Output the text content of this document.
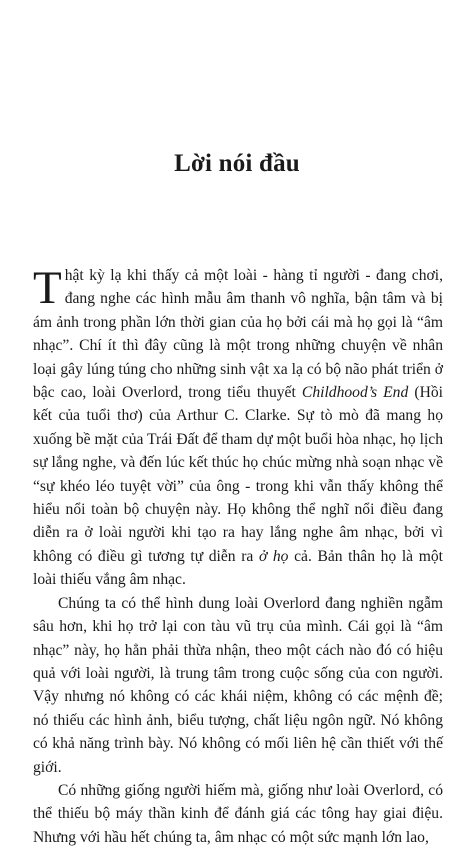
Lời nói đầu

Thật kỳ lạ khi thấy cả một loài - hàng tỉ người - đang chơi, đang nghe các hình mẫu âm thanh vô nghĩa, bận tâm và bị ám ảnh trong phần lớn thời gian của họ bởi cái mà họ gọi là “âm nhạc”. Chí ít thì đây cũng là một trong những chuyện về nhân loại gây lúng túng cho những sinh vật xa lạ có bộ não phát triển ở bậc cao, loài Overlord, trong tiểu thuyết Childhood’s End (Hồi kết của tuổi thơ) của Arthur C. Clarke. Sự tò mò đã mang họ xuống bề mặt của Trái Đất để tham dự một buổi hòa nhạc, họ lịch sự lắng nghe, và đến lúc kết thúc họ chúc mừng nhà soạn nhạc về “sự khéo léo tuyệt vời” của ông - trong khi vẫn thấy không thể hiểu nổi toàn bộ chuyện này. Họ không thể nghĩ nổi điều đang diễn ra ở loài người khi tạo ra hay lắng nghe âm nhạc, bởi vì không có điều gì tương tự diễn ra ở họ cả. Bản thân họ là một loài thiếu vắng âm nhạc.

Chúng ta có thể hình dung loài Overlord đang nghiền ngẫm sâu hơn, khi họ trở lại con tàu vũ trụ của mình. Cái gọi là “âm nhạc” này, họ hẳn phải thừa nhận, theo một cách nào đó có hiệu quả với loài người, là trung tâm trong cuộc sống của con người. Vậy nhưng nó không có các khái niệm, không có các mệnh đề; nó thiếu các hình ảnh, biểu tượng, chất liệu ngôn ngữ. Nó không có khả năng trình bày. Nó không có mối liên hệ cần thiết với thế giới.

Có những giống người hiếm mà, giống như loài Overlord, có thể thiếu bộ máy thần kinh để đánh giá các tông hay giai điệu. Nhưng với hầu hết chúng ta, âm nhạc có một sức mạnh lớn lao,
